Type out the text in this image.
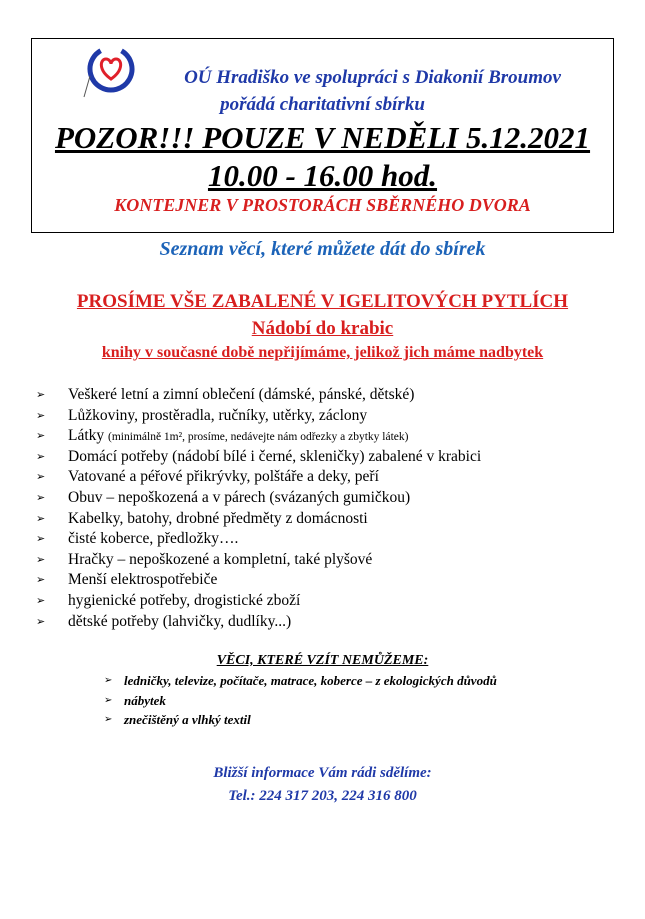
OÚ Hradiško ve spolupráci s Diakonií Broumov
pořádá charitativní sbírku
POZOR!!! POUZE V NEDĚLI 5.12.2021
10.00 - 16.00 hod.
KONTEJNER V PROSTORÁCH SBĚRNÉHO DVORA
Seznam věcí, které můžete dát do sbírek
PROSÍME VŠE ZABALENÉ V IGELITOVÝCH PYTLÍCH
Nádobí do krabic
knihy v současné době nepřijímáme, jelikož jich máme nadbytek
➢ Veškeré letní a zimní oblečení (dámské, pánské, dětské)
➢ Lůžkoviny, prostěradla, ručníky, utěrky, záclony
➢ Látky (minimálně 1m², prosíme, nedávejte nám odřezky a zbytky látek)
➢ Domácí potřeby (nádobí bílé i černé, skleničky) zabalené v krabici
➢ Vatované a péřové přikrývky, polštáře a deky, peří
➢ Obuv – nepoškozená a v párech (svázaných gumičkou)
➢ Kabelky, batohy, drobné předměty z domácnosti
➢ čisté koberce, předložky….
➢ Hračky – nepoškozené a kompletní, také plyšové
➢ Menší elektrospotřebiče
➢ hygienické potřeby, drogistické zboží
➢ dětské potřeby (lahvičky, dudlíky...)
VĚCI, KTERÉ VZÍT NEMŮŽEME:
➢ ledničky, televize, počítače, matrace, koberce – z ekologických důvodů
➢ nábytek
➢ znečištěný a vlhký textil
Bližší informace Vám rádi sdělíme:
Tel.: 224 317 203, 224 316 800
